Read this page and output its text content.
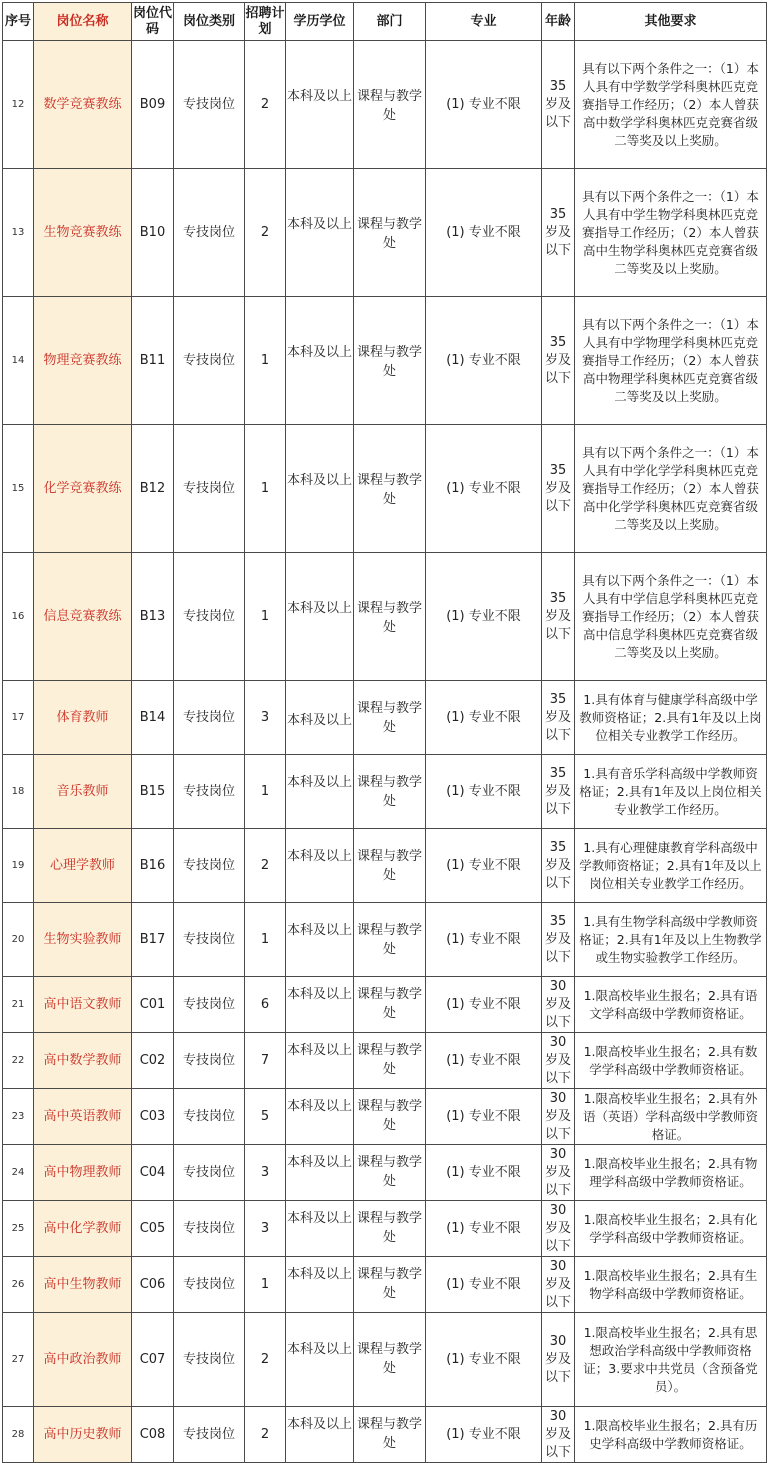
序号	岗位名称	岗位代码	岗位类别	招聘计划	学历学位	部门	专业	年龄	其他要求
12	数学竞赛教练	B09	专技岗位	2	本科及以上	课程与教学处	(1) 专业不限	35岁及以下	具有以下两个条件之一：（1）本人具有中学数学学科奥林匹克竞赛指导工作经历；（2）本人曾获高中数学学科奥林匹克竞赛省级二等奖及以上奖励。
13	生物竞赛教练	B10	专技岗位	2	本科及以上	课程与教学处	(1) 专业不限	35岁及以下	具有以下两个条件之一：（1）本人具有中学生物学科奥林匹克竞赛指导工作经历；（2）本人曾获高中生物学科奥林匹克竞赛省级二等奖及以上奖励。
14	物理竞赛教练	B11	专技岗位	1	本科及以上	课程与教学处	(1) 专业不限	35岁及以下	具有以下两个条件之一：（1）本人具有中学物理学科奥林匹克竞赛指导工作经历；（2）本人曾获高中物理学科奥林匹克竞赛省级二等奖及以上奖励。
15	化学竞赛教练	B12	专技岗位	1	本科及以上	课程与教学处	(1) 专业不限	35岁及以下	具有以下两个条件之一：（1）本人具有中学化学学科奥林匹克竞赛指导工作经历；（2）本人曾获高中化学学科奥林匹克竞赛省级二等奖及以上奖励。
16	信息竞赛教练	B13	专技岗位	1	本科及以上	课程与教学处	(1) 专业不限	35岁及以下	具有以下两个条件之一：（1）本人具有中学信息学科奥林匹克竞赛指导工作经历；（2）本人曾获高中信息学科奥林匹克竞赛省级二等奖及以上奖励。
17	体育教师	B14	专技岗位	3	本科及以上	课程与教学处	(1) 专业不限	35岁及以下	1.具有体育与健康学科高级中学教师资格证；2.具有1年及以上岗位相关专业教学工作经历。
18	音乐教师	B15	专技岗位	1	本科及以上	课程与教学处	(1) 专业不限	35岁及以下	1.具有音乐学科高级中学教师资格证；2.具有1年及以上岗位相关专业教学工作经历。
19	心理学教师	B16	专技岗位	2	本科及以上	课程与教学处	(1) 专业不限	35岁及以下	1.具有心理健康教育学科高级中学教师资格证；2.具有1年及以上岗位相关专业教学工作经历。
20	生物实验教师	B17	专技岗位	1	本科及以上	课程与教学处	(1) 专业不限	35岁及以下	1.具有生物学科高级中学教师资格证；2.具有1年及以上生物教学或生物实验教学工作经历。
21	高中语文教师	C01	专技岗位	6	本科及以上	课程与教学处	(1) 专业不限	30岁及以下	1.限高校毕业生报名；2.具有语文学科高级中学教师资格证。
22	高中数学教师	C02	专技岗位	7	本科及以上	课程与教学处	(1) 专业不限	30岁及以下	1.限高校毕业生报名；2.具有数学学科高级中学教师资格证。
23	高中英语教师	C03	专技岗位	5	本科及以上	课程与教学处	(1) 专业不限	30岁及以下	1.限高校毕业生报名；2.具有外语（英语）学科高级中学教师资格证。
24	高中物理教师	C04	专技岗位	3	本科及以上	课程与教学处	(1) 专业不限	30岁及以下	1.限高校毕业生报名；2.具有物理学科高级中学教师资格证。
25	高中化学教师	C05	专技岗位	3	本科及以上	课程与教学处	(1) 专业不限	30岁及以下	1.限高校毕业生报名；2.具有化学学科高级中学教师资格证。
26	高中生物教师	C06	专技岗位	1	本科及以上	课程与教学处	(1) 专业不限	30岁及以下	1.限高校毕业生报名；2.具有生物学科高级中学教师资格证。
27	高中政治教师	C07	专技岗位	2	本科及以上	课程与教学处	(1) 专业不限	30岁及以下	1.限高校毕业生报名；2.具有思想政治学科高级中学教师资格证；3.要求中共党员（含预备党员）。
28	高中历史教师	C08	专技岗位	2	本科及以上	课程与教学处	(1) 专业不限	30岁及以下	1.限高校毕业生报名；2.具有历史学科高级中学教师资格证。
